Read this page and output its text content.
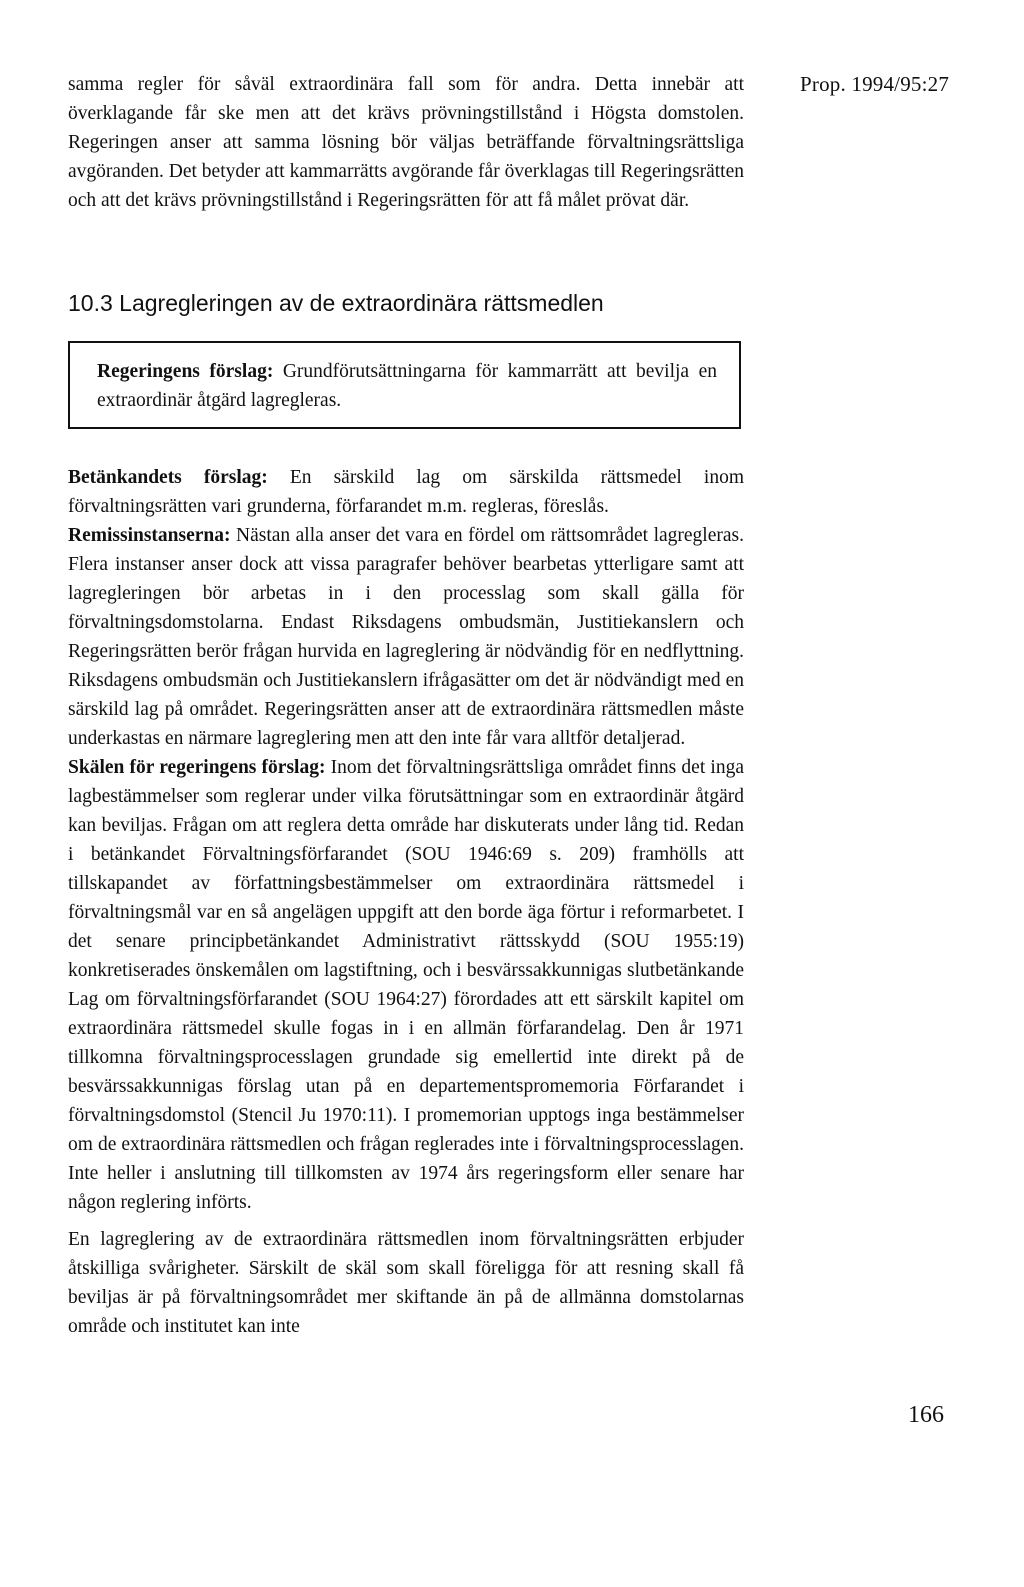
Prop. 1994/95:27

samma regler för såväl extraordinära fall som för andra. Detta innebär att överklagande får ske men att det krävs prövningstillstånd i Högsta domstolen. Regeringen anser att samma lösning bör väljas beträffande förvaltningsrättsliga avgöranden. Det betyder att kammarrätts avgörande får överklagas till Regeringsrätten och att det krävs prövningstillstånd i Regeringsrätten för att få målet prövat där.

10.3 Lagregleringen av de extraordinära rättsmedlen

Regeringens förslag: Grundförutsättningarna för kammarrätt att bevilja en extraordinär åtgärd lagregleras.

Betänkandets förslag: En särskild lag om särskilda rättsmedel inom förvaltningsrätten vari grunderna, förfarandet m.m. regleras, föreslås.

Remissinstanserna: Nästan alla anser det vara en fördel om rättsområdet lagregleras. Flera instanser anser dock att vissa paragrafer behöver bearbetas ytterligare samt att lagregleringen bör arbetas in i den processlag som skall gälla för förvaltningsdomstolarna. Endast Riksdagens ombudsmän, Justitiekanslern och Regeringsrätten berör frågan hurvida en lagreglering är nödvändig för en nedflyttning. Riksdagens ombudsmän och Justitiekanslern ifrågasätter om det är nödvändigt med en särskild lag på området. Regeringsrätten anser att de extraordinära rättsmedlen måste underkastas en närmare lagreglering men att den inte får vara alltför detaljerad.

Skälen för regeringens förslag: Inom det förvaltningsrättsliga området finns det inga lagbestämmelser som reglerar under vilka förutsättningar som en extraordinär åtgärd kan beviljas. Frågan om att reglera detta område har diskuterats under lång tid. Redan i betänkandet Förvaltningsförfarandet (SOU 1946:69 s. 209) framhölls att tillskapandet av författningsbestämmelser om extraordinära rättsmedel i förvaltningsmål var en så angelägen uppgift att den borde äga förtur i reformarbetet. I det senare principbetänkandet Administrativt rättsskydd (SOU 1955:19) konkretiserades önskemålen om lagstiftning, och i besvärssakkunnigas slutbetänkande Lag om förvaltningsförfarandet (SOU 1964:27) förordades att ett särskilt kapitel om extraordinära rättsmedel skulle fogas in i en allmän förfarandelag. Den år 1971 tillkomna förvaltningsprocesslagen grundade sig emellertid inte direkt på de besvärssakkunnigas förslag utan på en departementspromemoria Förfarandet i förvaltningsdomstol (Stencil Ju 1970:11). I promemorian upptogs inga bestämmelser om de extraordinära rättsmedlen och frågan reglerades inte i förvaltningsprocesslagen. Inte heller i anslutning till tillkomsten av 1974 års regeringsform eller senare har någon reglering införts.

En lagreglering av de extraordinära rättsmedlen inom förvaltningsrätten erbjuder åtskilliga svårigheter. Särskilt de skäl som skall föreligga för att resning skall få beviljas är på förvaltningsområdet mer skiftande än på de allmänna domstolarnas område och institutet kan inte

166
